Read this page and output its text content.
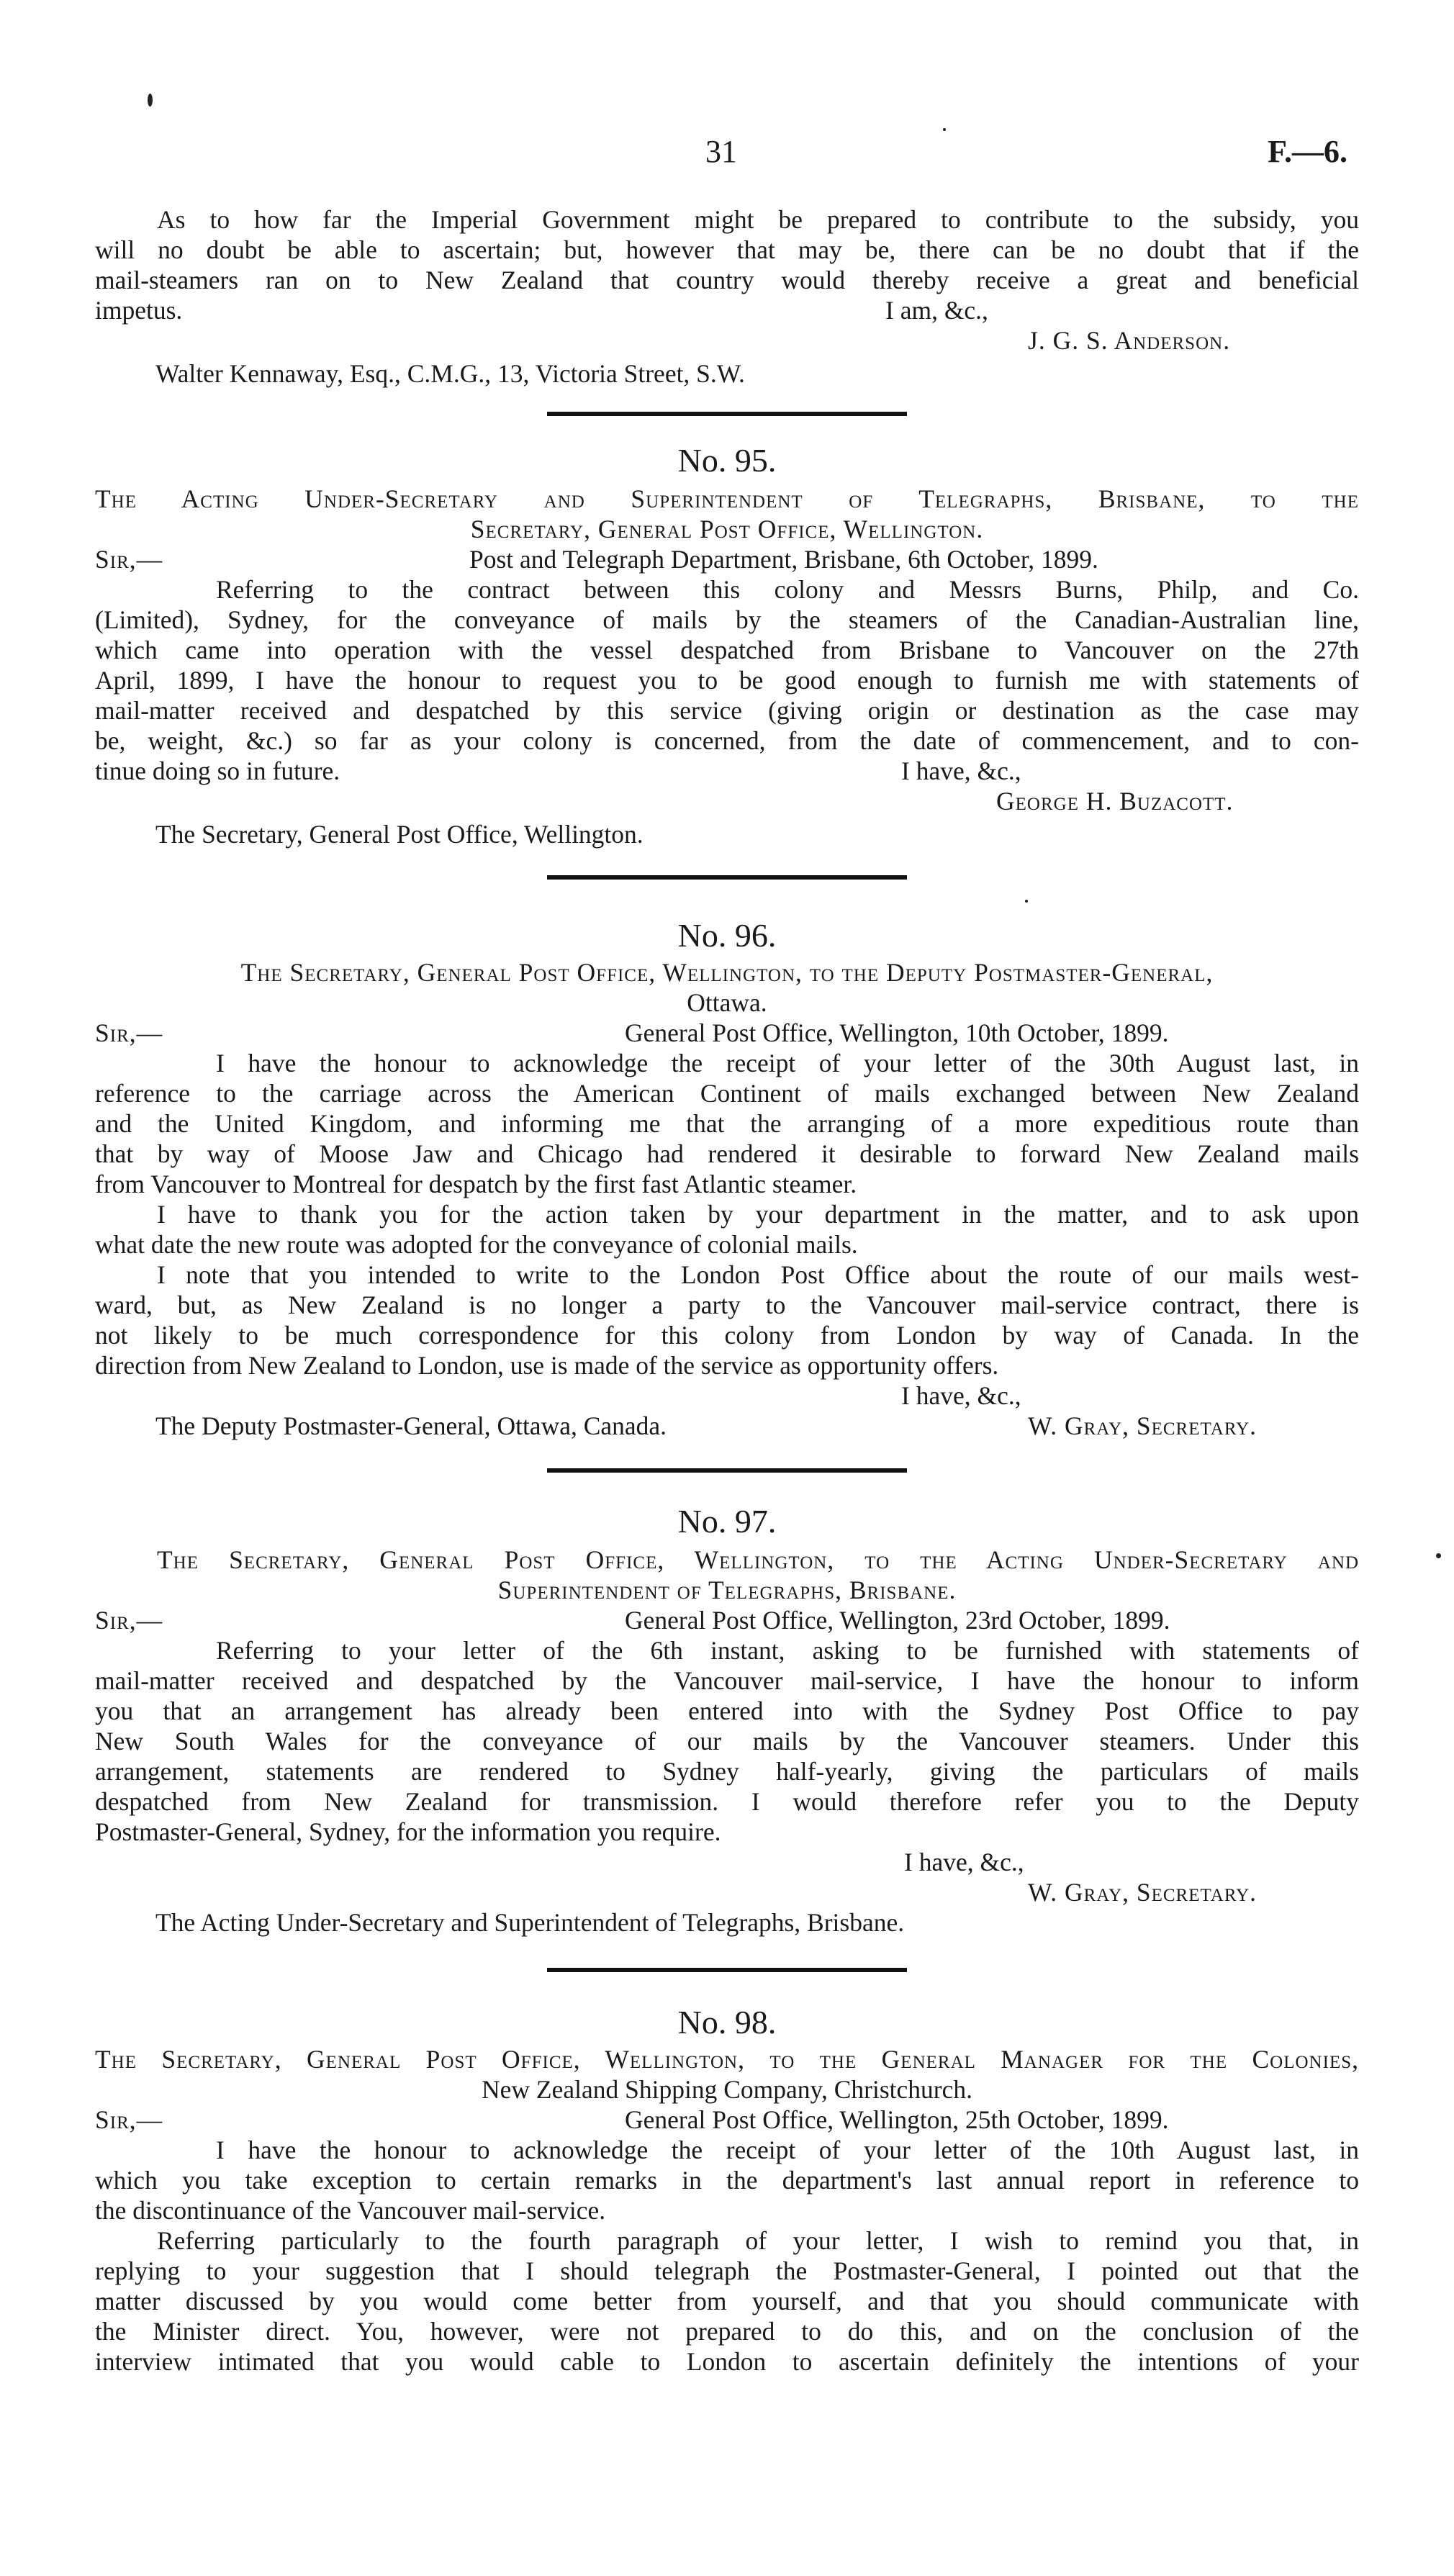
31	F.—6.
As to how far the Imperial Government might be prepared to contribute to the subsidy, you
will no doubt be able to ascertain; but, however that may be, there can be no doubt that if the
mail-steamers ran on to New Zealand that country would thereby receive a great and beneficial
impetus.	I am, &c.,
J. G. S. Anderson.
Walter Kennaway, Esq., C.M.G., 13, Victoria Street, S.W.
No. 95.
The Acting Under-Secretary and Superintendent of Telegraphs, Brisbane, to the
Secretary, General Post Office, Wellington.
Sir,—	Post and Telegraph Department, Brisbane, 6th October, 1899.
Referring to the contract between this colony and Messrs Burns, Philp, and Co.
(Limited), Sydney, for the conveyance of mails by the steamers of the Canadian-Australian line,
which came into operation with the vessel despatched from Brisbane to Vancouver on the 27th
April, 1899, I have the honour to request you to be good enough to furnish me with statements of
mail-matter received and despatched by this service (giving origin or destination as the case may
be, weight, &c.) so far as your colony is concerned, from the date of commencement, and to con-
tinue doing so in future.	I have, &c.,
George H. Buzacott.
The Secretary, General Post Office, Wellington.
No. 96.
The Secretary, General Post Office, Wellington, to the Deputy Postmaster-General,
Ottawa.
Sir,—	General Post Office, Wellington, 10th October, 1899.
I have the honour to acknowledge the receipt of your letter of the 30th August last, in
reference to the carriage across the American Continent of mails exchanged between New Zealand
and the United Kingdom, and informing me that the arranging of a more expeditious route than
that by way of Moose Jaw and Chicago had rendered it desirable to forward New Zealand mails
from Vancouver to Montreal for despatch by the first fast Atlantic steamer.
I have to thank you for the action taken by your department in the matter, and to ask upon
what date the new route was adopted for the conveyance of colonial mails.
I note that you intended to write to the London Post Office about the route of our mails west-
ward, but, as New Zealand is no longer a party to the Vancouver mail-service contract, there is
not likely to be much correspondence for this colony from London by way of Canada. In the
direction from New Zealand to London, use is made of the service as opportunity offers.
I have, &c.,
The Deputy Postmaster-General, Ottawa, Canada.	W. Gray, Secretary.
No. 97.
The Secretary, General Post Office, Wellington, to the Acting Under-Secretary and
Superintendent of Telegraphs, Brisbane.
Sir,—	General Post Office, Wellington, 23rd October, 1899.
Referring to your letter of the 6th instant, asking to be furnished with statements of
mail-matter received and despatched by the Vancouver mail-service, I have the honour to inform
you that an arrangement has already been entered into with the Sydney Post Office to pay
New South Wales for the conveyance of our mails by the Vancouver steamers. Under this
arrangement, statements are rendered to Sydney half-yearly, giving the particulars of mails
despatched from New Zealand for transmission. I would therefore refer you to the Deputy
Postmaster-General, Sydney, for the information you require.
I have, &c.,
W. Gray, Secretary.
The Acting Under-Secretary and Superintendent of Telegraphs, Brisbane.
No. 98.
The Secretary, General Post Office, Wellington, to the General Manager for the Colonies,
New Zealand Shipping Company, Christchurch.
Sir,—	General Post Office, Wellington, 25th October, 1899.
I have the honour to acknowledge the receipt of your letter of the 10th August last, in
which you take exception to certain remarks in the department's last annual report in reference to
the discontinuance of the Vancouver mail-service.
Referring particularly to the fourth paragraph of your letter, I wish to remind you that, in
replying to your suggestion that I should telegraph the Postmaster-General, I pointed out that the
matter discussed by you would come better from yourself, and that you should communicate with
the Minister direct. You, however, were not prepared to do this, and on the conclusion of the
interview intimated that you would cable to London to ascertain definitely the intentions of your
